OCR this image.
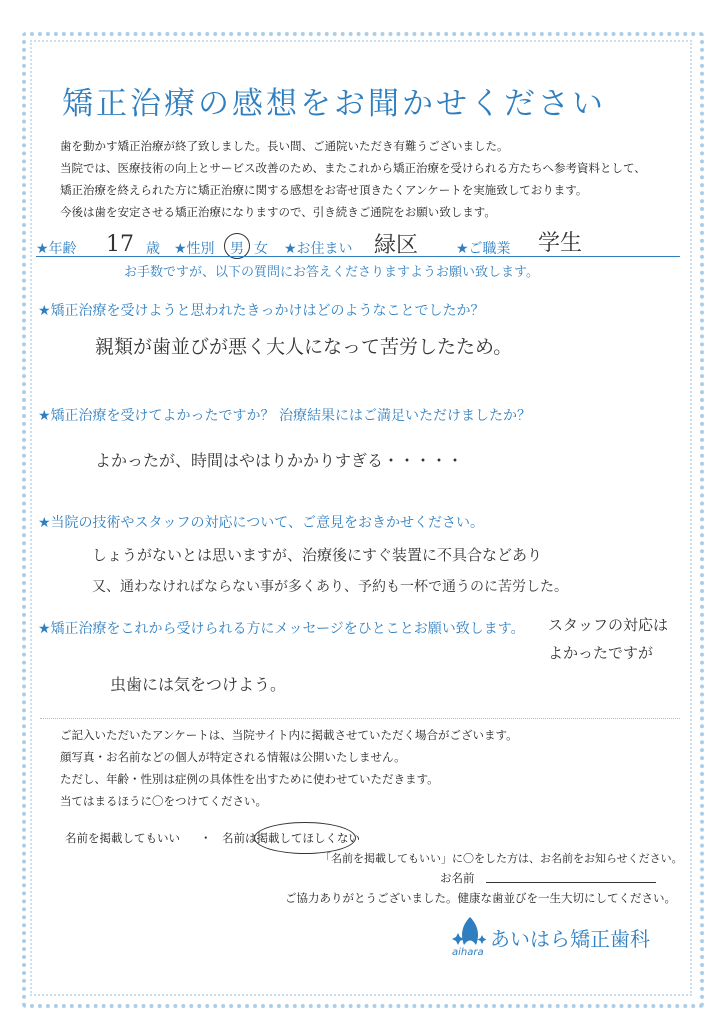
矯正治療の感想をお聞かせください
歯を動かす矯正治療が終了致しました。長い間、ご通院いただき有難うございました。
当院では、医療技術の向上とサービス改善のため、またこれから矯正治療を受けられる方たちへ参考資料として、
矯正治療を終えられた方に矯正治療に関する感想をお寄せ頂きたくアンケートを実施致しております。
今後は歯を安定させる矯正治療になりますので、引き続きご通院をお願い致します。
★年齢 17 歳 ★性別 男 女 ★お住まい 緑区	★ご職業 学生
お手数ですが、以下の質問にお答えくださりますようお願い致します。
★矯正治療を受けようと思われたきっかけはどのようなことでしたか？
親類が歯並びが悪く大人になって苦労したため。
★矯正治療を受けてよかったですか？ 治療結果にはご満足いただけましたか？
よかったが、時間はやはりかかりすぎる・・・・・
★当院の技術やスタッフの対応について、ご意見をおきかせください。
しょうがないとは思いますが、治療後にすぐ装置に不具合などあり
又、通わなければならない事が多くあり、予約も一杯で通うのに苦労した。
★矯正治療をこれから受けられる方にメッセージをひとことお願い致します。 スタッフの対応は
よかったですが
虫歯には気をつけよう。
ご記入いただいたアンケートは、当院サイト内に掲載させていただく場合がございます。
顔写真・お名前などの個人が特定される情報は公開いたしません。
ただし、年齢・性別は症例の具体性を出すために使わせていただきます。
当てはまるほうに〇をつけてください。
名前を掲載してもいい ・ 名前は掲載してほしくない
「名前を掲載してもいい」に〇をした方は、お名前をお知らせください。
お名前
ご協力ありがとうございました。健康な歯並びを一生大切にしてください。
あいはら矯正歯科
aihara
